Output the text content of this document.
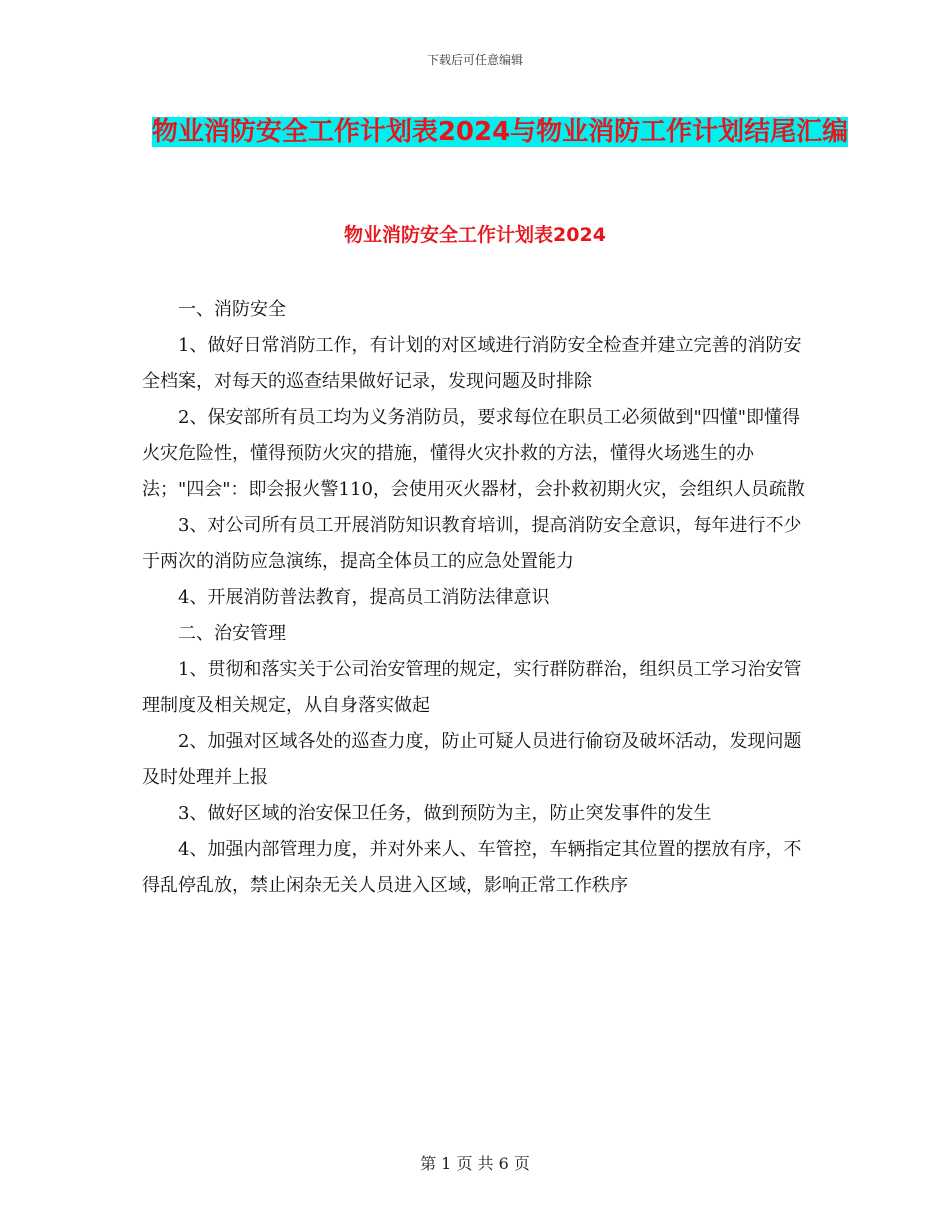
下载后可任意编辑
物业消防安全工作计划表2024与物业消防工作计划结尾汇编
物业消防安全工作计划表2024

一、消防安全

1、做好日常消防工作，有计划的对区域进行消防安全检查并建立完善的消防安全档案，对每天的巡查结果做好记录，发现问题及时排除

2、保安部所有员工均为义务消防员，要求每位在职员工必须做到"四懂"即懂得火灾危险性，懂得预防火灾的措施，懂得火灾扑救的方法，懂得火场逃生的办法；"四会"：即会报火警110，会使用灭火器材，会扑救初期火灾，会组织人员疏散

3、对公司所有员工开展消防知识教育培训，提高消防安全意识，每年进行不少于两次的消防应急演练，提高全体员工的应急处置能力

4、开展消防普法教育，提高员工消防法律意识

二、治安管理

1、贯彻和落实关于公司治安管理的规定，实行群防群治，组织员工学习治安管理制度及相关规定，从自身落实做起

2、加强对区域各处的巡查力度，防止可疑人员进行偷窃及破坏活动，发现问题及时处理并上报

3、做好区域的治安保卫任务，做到预防为主，防止突发事件的发生

4、加强内部管理力度，并对外来人、车管控，车辆指定其位置的摆放有序，不得乱停乱放，禁止闲杂无关人员进入区域，影响正常工作秩序

第 1 页 共 6 页
